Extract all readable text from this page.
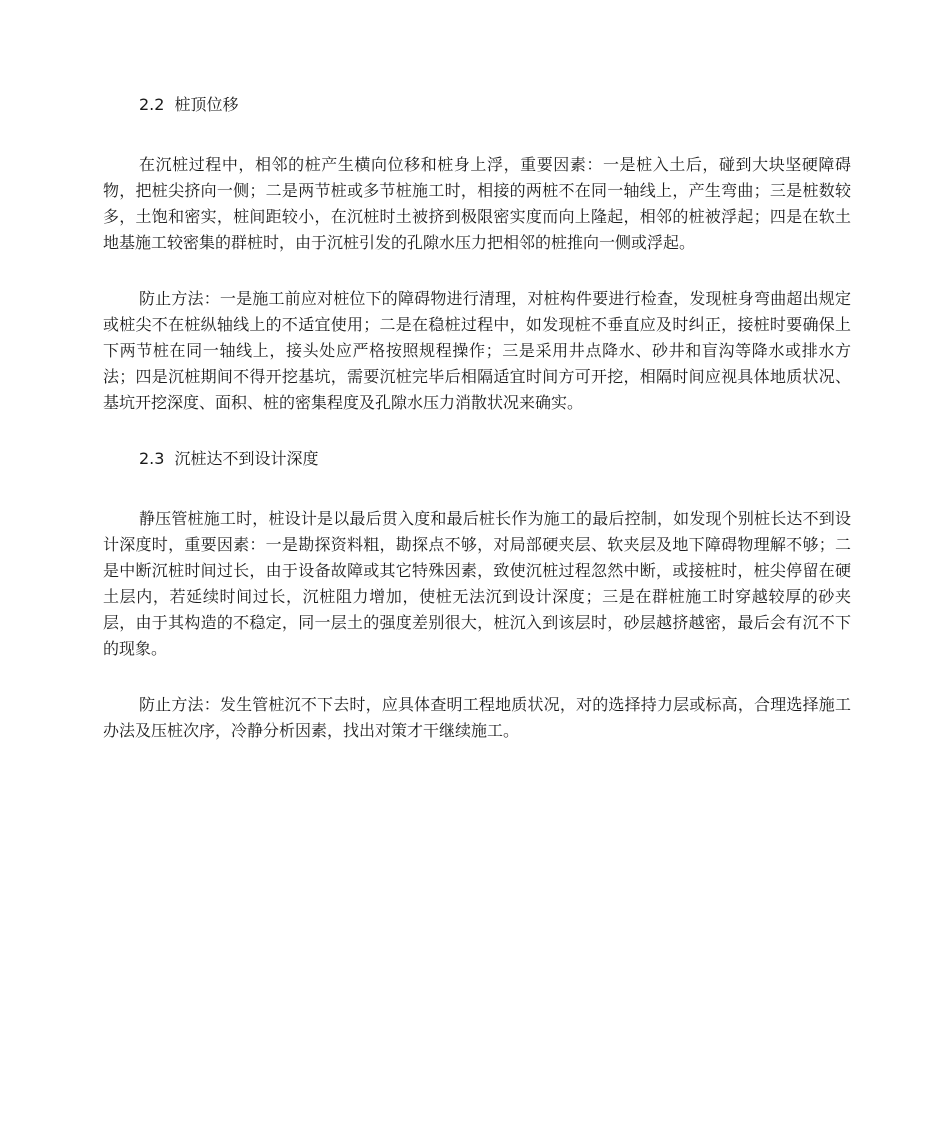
2.2 桩顶位移

在沉桩过程中，相邻的桩产生横向位移和桩身上浮，重要因素：一是桩入土后，碰到大块坚硬障碍物，把桩尖挤向一侧；二是两节桩或多节桩施工时，相接的两桩不在同一轴线上，产生弯曲；三是桩数较多，土饱和密实，桩间距较小，在沉桩时土被挤到极限密实度而向上隆起，相邻的桩被浮起；四是在软土地基施工较密集的群桩时，由于沉桩引发的孔隙水压力把相邻的桩推向一侧或浮起。

防止方法：一是施工前应对桩位下的障碍物进行清理，对桩构件要进行检查，发现桩身弯曲超出规定或桩尖不在桩纵轴线上的不适宜使用；二是在稳桩过程中，如发现桩不垂直应及时纠正，接桩时要确保上下两节桩在同一轴线上，接头处应严格按照规程操作；三是采用井点降水、砂井和盲沟等降水或排水方法；四是沉桩期间不得开挖基坑，需要沉桩完毕后相隔适宜时间方可开挖，相隔时间应视具体地质状况、基坑开挖深度、面积、桩的密集程度及孔隙水压力消散状况来确实。

2.3 沉桩达不到设计深度

静压管桩施工时，桩设计是以最后贯入度和最后桩长作为施工的最后控制，如发现个别桩长达不到设计深度时，重要因素：一是勘探资料粗，勘探点不够，对局部硬夹层、软夹层及地下障碍物理解不够；二是中断沉桩时间过长，由于设备故障或其它特殊因素，致使沉桩过程忽然中断，或接桩时，桩尖停留在硬土层内，若延续时间过长，沉桩阻力增加，使桩无法沉到设计深度；三是在群桩施工时穿越较厚的砂夹层，由于其构造的不稳定，同一层土的强度差别很大，桩沉入到该层时，砂层越挤越密，最后会有沉不下的现象。

防止方法：发生管桩沉不下去时，应具体查明工程地质状况，对的选择持力层或标高，合理选择施工办法及压桩次序，冷静分析因素，找出对策才干继续施工。
